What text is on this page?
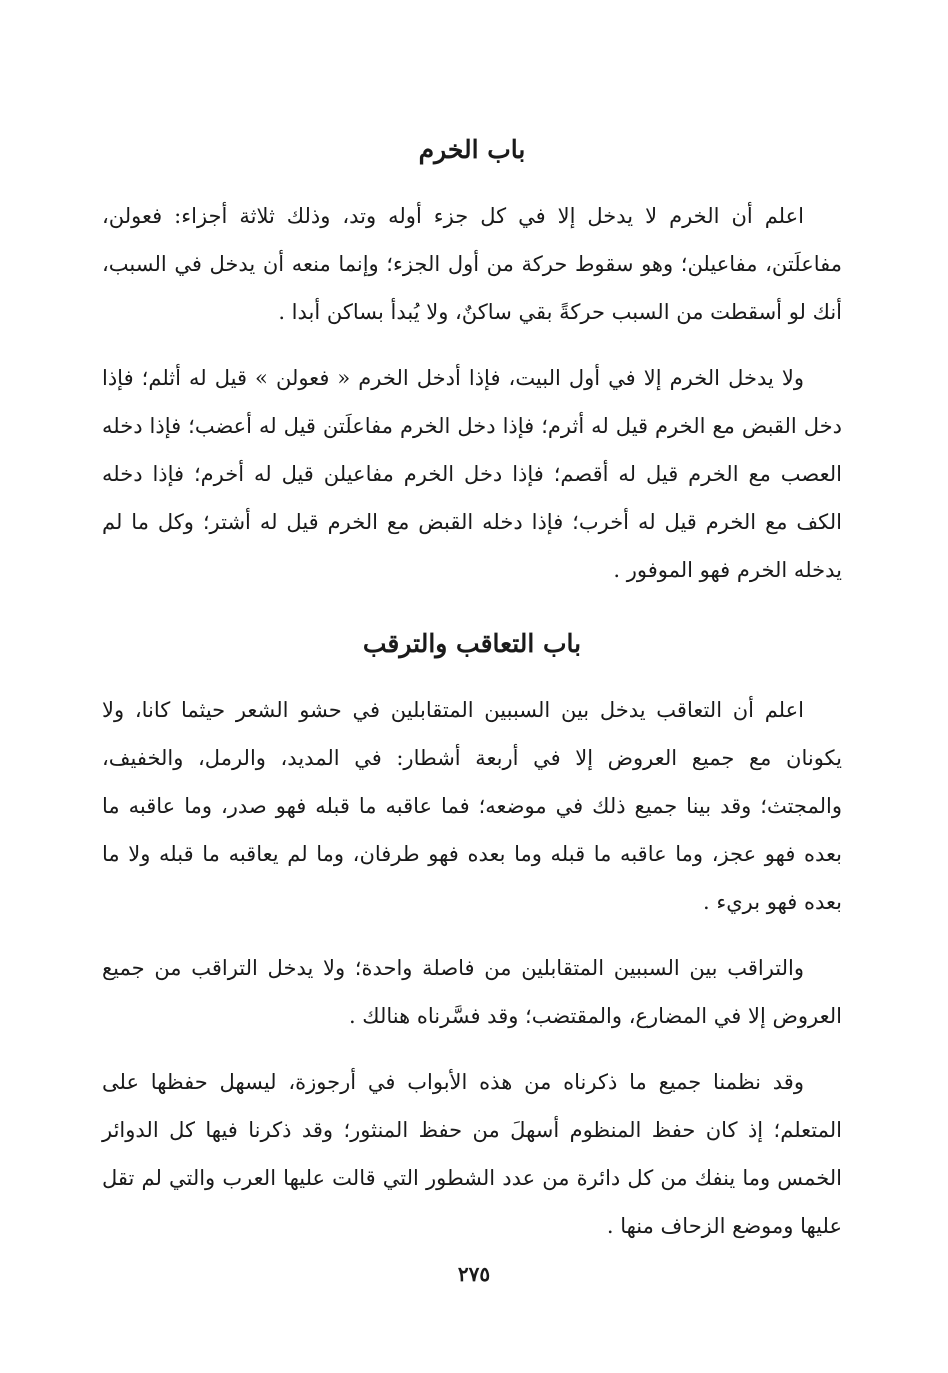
باب الخرم

اعلم أن الخرم لا يدخل إلا في كل جزء أوله وتد، وذلك ثلاثة أجزاء: فعولن، مفاعلَتن، مفاعيلن؛ وهو سقوط حركة من أول الجزء؛ وإنما منعه أن يدخل في السبب، أنك لو أسقطت من السبب حركةً بقي ساكنٌ، ولا يُبدأ بساكن أبدا .

ولا يدخل الخرم إلا في أول البيت، فإذا أدخل الخرم « فعولن » قيل له أثلم؛ فإذا دخل القبض مع الخرم قيل له أثرم؛ فإذا دخل الخرم مفاعلَتن قيل له أعضب؛ فإذا دخله العصب مع الخرم قيل له أقصم؛ فإذا دخل الخرم مفاعيلن قيل له أخرم؛ فإذا دخله الكف مع الخرم قيل له أخرب؛ فإذا دخله القبض مع الخرم قيل له أشتر؛ وكل ما لم يدخله الخرم فهو الموفور .

باب التعاقب والترقب

اعلم أن التعاقب يدخل بين السببين المتقابلين في حشو الشعر حيثما كانا، ولا يكونان مع جميع العروض إلا في أربعة أشطار: في المديد، والرمل، والخفيف، والمجتث؛ وقد بينا جميع ذلك في موضعه؛ فما عاقبه ما قبله فهو صدر، وما عاقبه ما بعده فهو عجز، وما عاقبه ما قبله وما بعده فهو طرفان، وما لم يعاقبه ما قبله ولا ما بعده فهو بريء .

والتراقب بين السببين المتقابلين من فاصلة واحدة؛ ولا يدخل التراقب من جميع العروض إلا في المضارع، والمقتضب؛ وقد فسَّرناه هنالك .

وقد نظمنا جميع ما ذكرناه من هذه الأبواب في أرجوزة، ليسهل حفظها على المتعلم؛ إذ كان حفظ المنظوم أسهلَ من حفظ المنثور؛ وقد ذكرنا فيها كل الدوائر الخمس وما ينفك من كل دائرة من عدد الشطور التي قالت عليها العرب والتي لم تقل عليها وموضع الزحاف منها .

٢٧٥
